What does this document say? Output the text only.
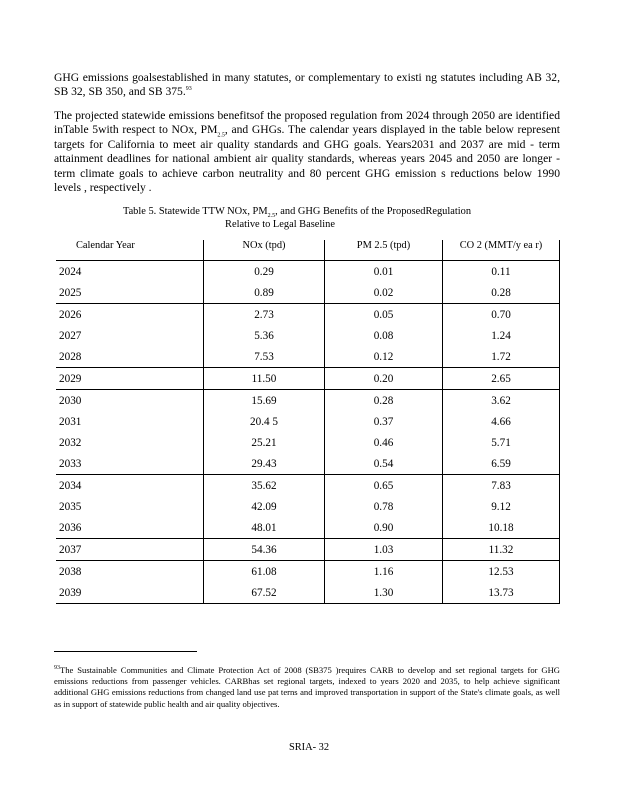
GHG emissions goalsestablished in many statutes, or complementary to existi ng statutes including AB 32, SB 32, SB 350, and SB 375.93

The projected statewide emissions benefitsof the proposed regulation from 2024 through 2050 are identified inTable 5with respect to NOx, $PM_{2.5}$, and GHGs. The calendar years displayed in the table below represent targets for California to meet air quality standards and GHG goals. Years2031 and 2037 are mid - term attainment deadlines for national ambient air quality standards, whereas years 2045 and 2050 are longer -term climate goals to achieve carbon neutrality and 80 percent GHG emission s reductions below 1990 levels , respectively .

Table 5. Statewide TTW NOx, $PM_{2.5}$, and GHG Benefits of the ProposedRegulation
Relative to Legal Baseline
Calendar Year	NOx (tpd)	PM 2.5 (tpd)	CO 2 (MMT/y ea r)
2024	0.29	0.01	0.11
2025	0.89	0.02	0.28
2026	2.73	0.05	0.70
2027	5.36	0.08	1.24
2028	7.53	0.12	1.72
2029	11.50	0.20	2.65
2030	15.69	0.28	3.62
2031	20.4 5	0.37	4.66
2032	25.21	0.46	5.71
2033	29.43	0.54	6.59
2034	35.62	0.65	7.83
2035	42.09	0.78	9.12
2036	48.01	0.90	10.18
2037	54.36	1.03	11.32
2038	61.08	1.16	12.53
2039	67.52	1.30	13.73

$^{93}$The Sustainable Communities and Climate Protection Act of 2008 (SB375 )requires CARB to develop and set regional targets for GHG emissions reductions from passenger vehicles. CARBhas set regional targets, indexed to years 2020 and 2035, to help achieve significant additional GHG emissions reductions from changed land use pat terns and improved transportation in support of the State's climate goals, as well as in support of statewide public health and air quality objectives.

SRIA- 32
